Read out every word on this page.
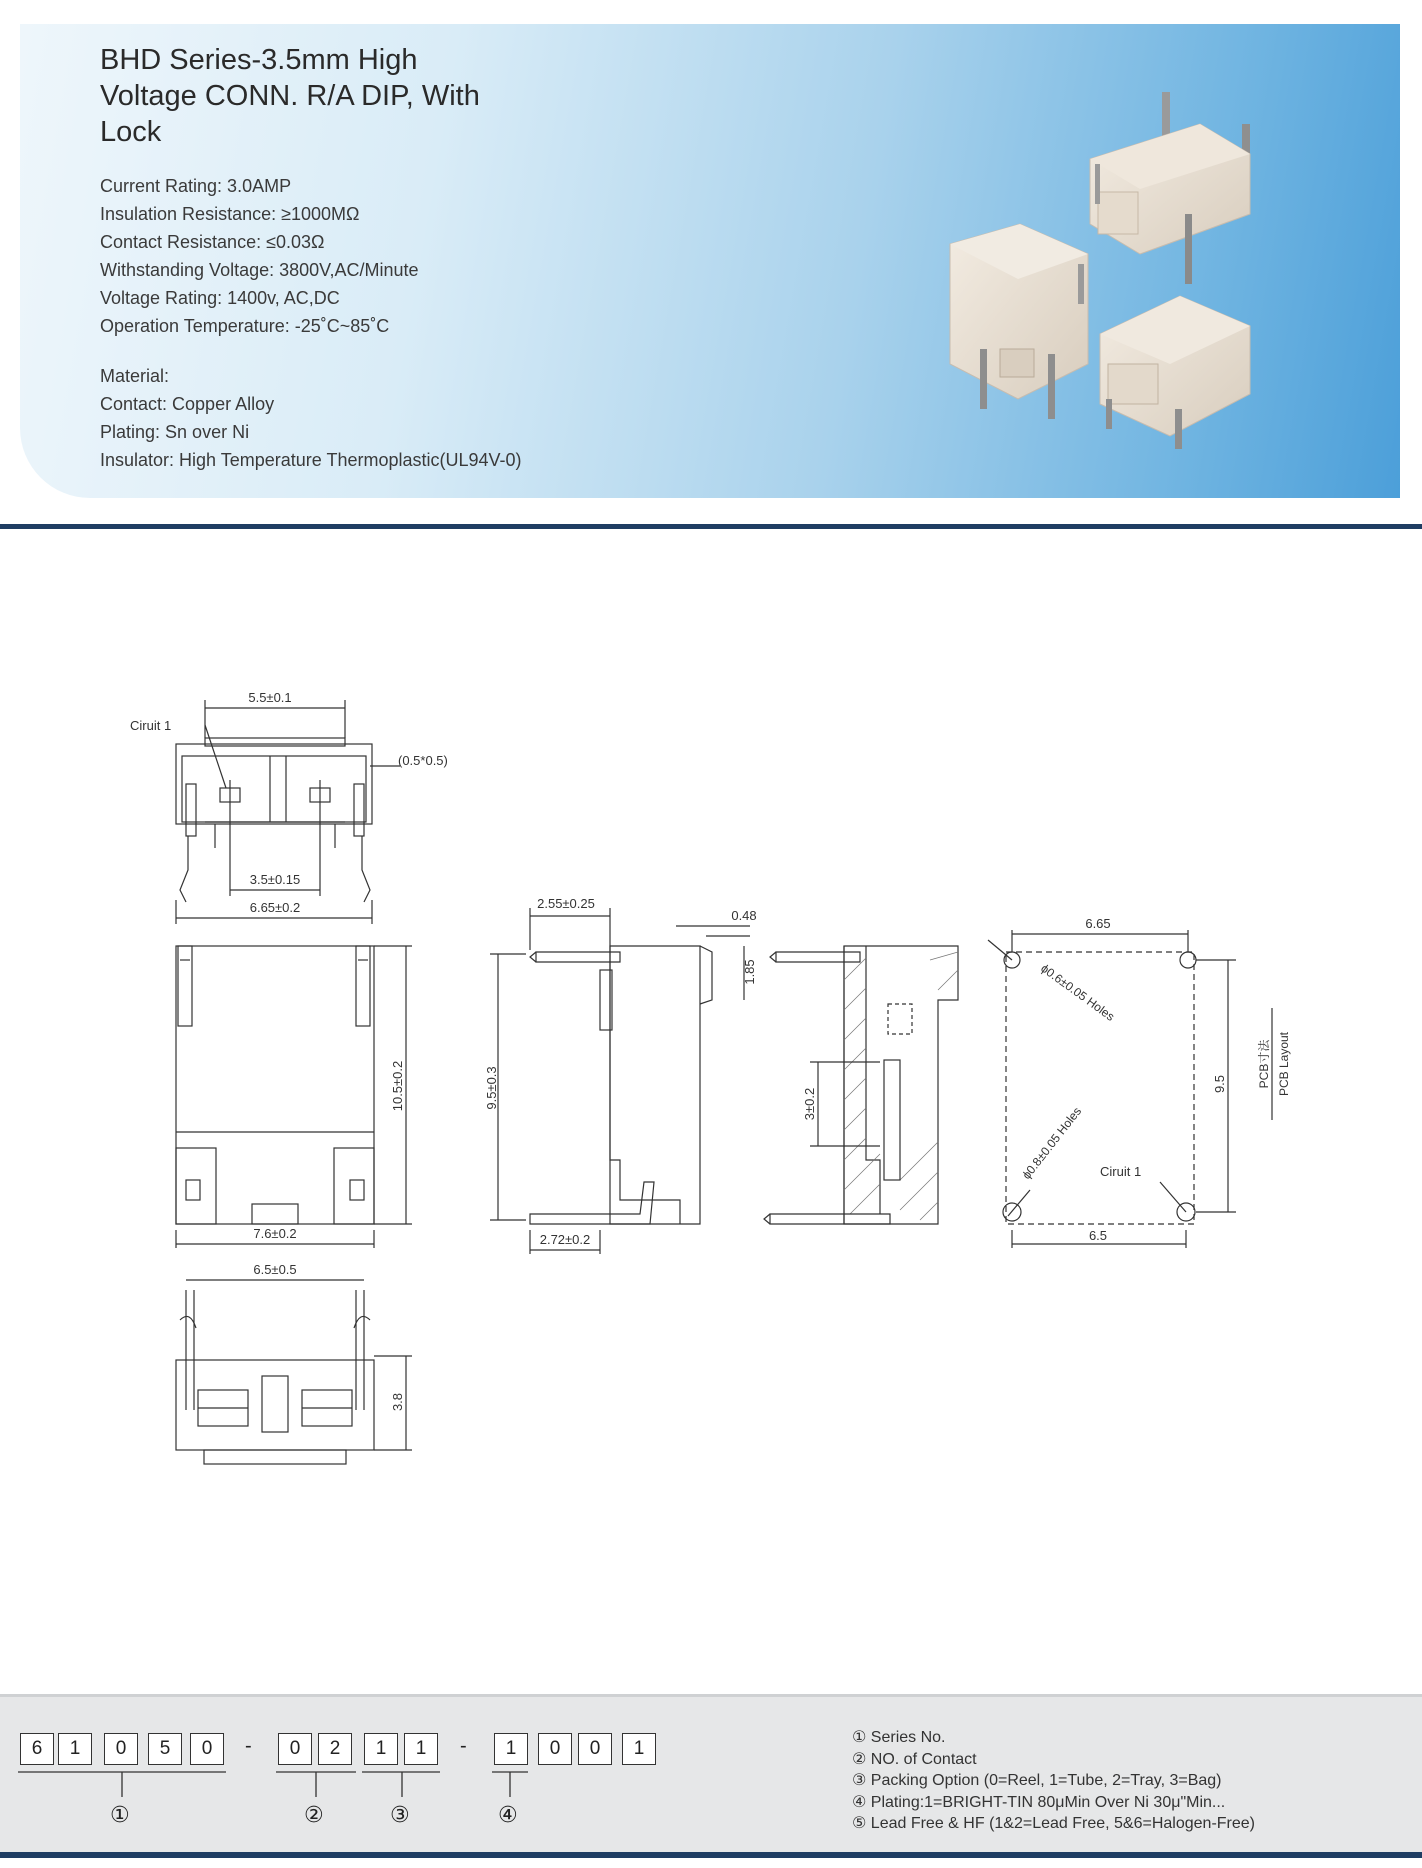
BHD Series-3.5mm High Voltage CONN. R/A DIP, With Lock
Current Rating: 3.0AMP
Insulation Resistance: ≥1000MΩ
Contact Resistance: ≤0.03Ω
Withstanding Voltage: 3800V,AC/Minute
Voltage Rating: 1400v, AC,DC
Operation Temperature: -25˚C~85˚C
Material:
Contact: Copper Alloy
Plating: Sn over Ni
Insulator: High Temperature Thermoplastic(UL94V-0)
5.5±0.1
Ciruit 1
(0.5*0.5)
3.5±0.15
6.65±0.2
10.5±0.2
7.6±0.2
6.5±0.5
3.8
2.55±0.25
0.48
1.85
9.5±0.3
2.72±0.2
3±0.2
6.65
ϕ0.6±0.05 Holes
ϕ0.8±0.05 Holes Ciruit 1
9.5
6.5
PCB寸法 PCB Layout
6	1	0	5	0	-	0	2	1	1	-	1	0	0	1
①	②	③	④
① Series No.
② NO. of Contact
③ Packing Option (0=Reel, 1=Tube, 2=Tray, 3=Bag)
④ Plating:1=BRIGHT-TIN 80μMin Over Ni 30μ"Min...
⑤ Lead Free & HF (1&2=Lead Free, 5&6=Halogen-Free)
